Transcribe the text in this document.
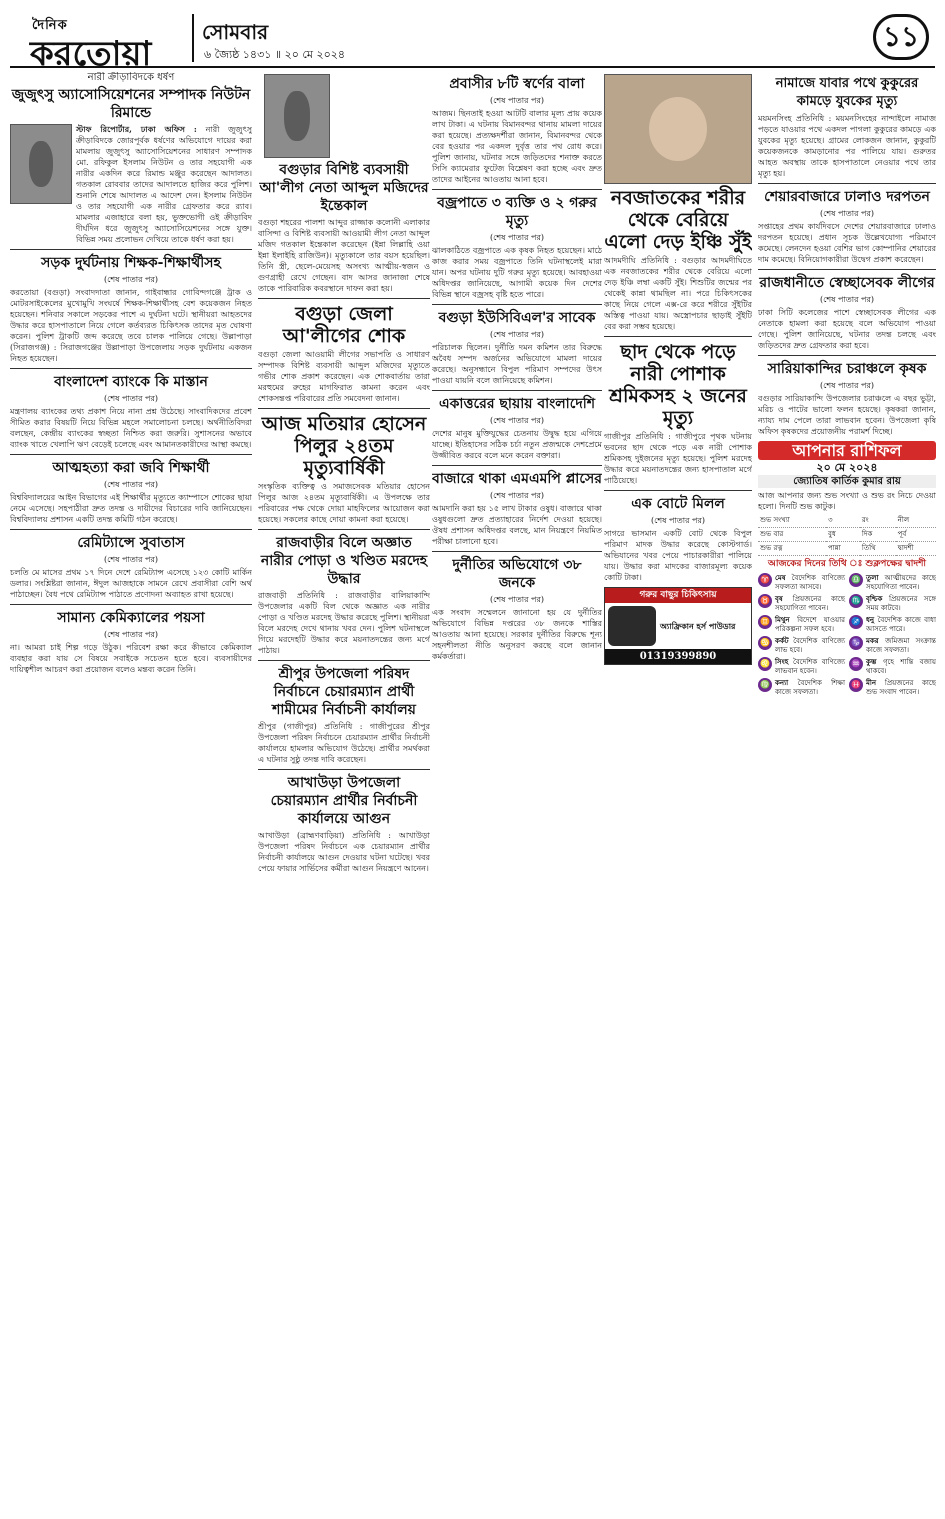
দৈনিক
করতোয়া
সোমবার
৬ জ্যৈষ্ঠ ১৪৩১ ॥ ২০ মে ২০২৪
১১
নারী ক্রীড়াবিদকে ধর্ষণ
জুজুৎসু অ্যাসোসিয়েশনের সম্পাদক নিউটন রিমান্ডে
স্টাফ রিপোর্টার, ঢাকা অফিস : নারী জুজুৎসু ক্রীড়াবিদকে জোরপূর্বক ধর্ষণের অভিযোগে দায়ের করা মামলায় জুজুৎসু অ্যাসোসিয়েশনের সাধারণ সম্পাদক মো. রফিকুল ইসলাম নিউটন ও তার সহযোগী এক নারীর একদিন করে রিমান্ড মঞ্জুর করেছেন আদালত। গতকাল রোববার তাদের আদালতে হাজির করে পুলিশ। শুনানি শেষে আদালত এ আদেশ দেন। ইসলাম নিউটন ও তার সহযোগী এক নারীর গ্রেফতার করে র‌্যাব। মামলার এজাহারে বলা হয়, ভুক্তভোগী ওই ক্রীড়াবিদ দীর্ঘদিন ধরে জুজুৎসু অ্যাসোসিয়েশনের সঙ্গে যুক্ত। বিভিন্ন সময় প্রলোভন দেখিয়ে তাকে ধর্ষণ করা হয়।
সড়ক দুর্ঘটনায় শিক্ষক-শিক্ষার্থীসহ
(শেষ পাতার পর)
করতোয়া (বগুড়া) সংবাদদাতা জানান, গাইবান্ধার গোবিন্দগঞ্জে ট্রাক ও মোটরসাইকেলের মুখোমুখি সংঘর্ষে শিক্ষক-শিক্ষার্থীসহ বেশ কয়েকজন নিহত হয়েছেন। শনিবার সকালে সড়কের পাশে এ দুর্ঘটনা ঘটে। স্থানীয়রা আহতদের উদ্ধার করে হাসপাতালে নিয়ে গেলে কর্তব্যরত চিকিৎসক তাদের মৃত ঘোষণা করেন। পুলিশ ট্রাকটি জব্দ করেছে তবে চালক পালিয়ে গেছে। উল্লাপাড়া (সিরাজগঞ্জ) : সিরাজগঞ্জের উল্লাপাড়া উপজেলায় সড়ক দুর্ঘটনায় একজন নিহত হয়েছেন।
বাংলাদেশ ব্যাংকে কি মাস্তান
(শেষ পাতার পর)
মন্ত্রণালয় ব্যাংকের তথ্য প্রকাশ নিয়ে নানা প্রশ্ন উঠেছে। সাংবাদিকদের প্রবেশ সীমিত করার বিষয়টি নিয়ে বিভিন্ন মহলে সমালোচনা চলছে। অর্থনীতিবিদরা বলছেন, কেন্দ্রীয় ব্যাংকের স্বচ্ছতা নিশ্চিত করা জরুরি। সুশাসনের অভাবে ব্যাংক খাতে খেলাপি ঋণ বেড়েই চলেছে এবং আমানতকারীদের আস্থা কমছে।
আত্মহত্যা করা জবি শিক্ষার্থী
(শেষ পাতার পর)
বিশ্ববিদ্যালয়ের আইন বিভাগের এই শিক্ষার্থীর মৃত্যুতে ক্যাম্পাসে শোকের ছায়া নেমে এসেছে। সহপাঠীরা দ্রুত তদন্ত ও দায়ীদের বিচারের দাবি জানিয়েছেন। বিশ্ববিদ্যালয় প্রশাসন একটি তদন্ত কমিটি গঠন করেছে।
রেমিট্যান্সে সুবাতাস
(শেষ পাতার পর)
চলতি মে মাসের প্রথম ১৭ দিনে দেশে রেমিট্যান্স এসেছে ১২৩ কোটি মার্কিন ডলার। সংশ্লিষ্টরা জানান, ঈদুল আজহাকে সামনে রেখে প্রবাসীরা বেশি অর্থ পাঠাচ্ছেন। বৈধ পথে রেমিট্যান্স পাঠাতে প্রণোদনা অব্যাহত রাখা হয়েছে।
সামান্য কেমিক্যালের পয়সা
(শেষ পাতার পর)
না। আমরা চাই শিল্প গড়ে উঠুক। পরিবেশ রক্ষা করে কীভাবে কেমিক্যাল ব্যবহার করা যায় সে বিষয়ে সবাইকে সচেতন হতে হবে। ব্যবসায়ীদের দায়িত্বশীল আচরণ করা প্রয়োজন বলেও মন্তব্য করেন তিনি।
বগুড়ার বিশিষ্ট ব্যবসায়ী আ'লীগ নেতা আব্দুল মজিদের ইন্তেকাল
বগুড়া শহরের পালশা আব্দুর রাজ্জাক কলোনী এলাকার বাসিন্দা ও বিশিষ্ট ব্যবসায়ী আওয়ামী লীগ নেতা আব্দুল মজিদ গতকাল ইন্তেকাল করেছেন (ইন্না লিল্লাহি ওয়া ইন্না ইলাইহি রাজিউন)। মৃত্যুকালে তার বয়স হয়েছিল। তিনি স্ত্রী, ছেলে-মেয়েসহ অসংখ্য আত্মীয়-স্বজন ও গুণগ্রাহী রেখে গেছেন। বাদ আসর জানাজা শেষে তাকে পারিবারিক কবরস্থানে দাফন করা হয়।
বগুড়া জেলা আ'লীগের শোক
বগুড়া জেলা আওয়ামী লীগের সভাপতি ও সাধারণ সম্পাদক বিশিষ্ট ব্যবসায়ী আব্দুল মজিদের মৃত্যুতে গভীর শোক প্রকাশ করেছেন। এক শোকবার্তায় তারা মরহুমের রুহের মাগফিরাত কামনা করেন এবং শোকসন্তপ্ত পরিবারের প্রতি সমবেদনা জানান।
আজ মতিয়ার হোসেন পিলুর ২৪তম মৃত্যুবার্ষিকী
সংস্কৃতিক ব্যক্তিত্ব ও সমাজসেবক মতিয়ার হোসেন পিলুর আজ ২৪তম মৃত্যুবার্ষিকী। এ উপলক্ষে তার পরিবারের পক্ষ থেকে দোয়া মাহফিলের আয়োজন করা হয়েছে। সকলের কাছে দোয়া কামনা করা হয়েছে।
রাজবাড়ীর বিলে অজ্ঞাত নারীর পোড়া ও খণ্ডিত মরদেহ উদ্ধার
রাজবাড়ী প্রতিনিধি : রাজবাড়ীর বালিয়াকান্দি উপজেলার একটি বিল থেকে অজ্ঞাত এক নারীর পোড়া ও খণ্ডিত মরদেহ উদ্ধার করেছে পুলিশ। স্থানীয়রা বিলে মরদেহ দেখে থানায় খবর দেন। পুলিশ ঘটনাস্থলে গিয়ে মরদেহটি উদ্ধার করে ময়নাতদন্তের জন্য মর্গে পাঠায়।
শ্রীপুর উপজেলা পরিষদ নির্বাচনে চেয়ারম্যান প্রার্থী শামীমের নির্বাচনী কার্যালয়
শ্রীপুর (গাজীপুর) প্রতিনিধি : গাজীপুরের শ্রীপুর উপজেলা পরিষদ নির্বাচনে চেয়ারম্যান প্রার্থীর নির্বাচনী কার্যালয়ে হামলার অভিযোগ উঠেছে। প্রার্থীর সমর্থকরা এ ঘটনার সুষ্ঠু তদন্ত দাবি করেছেন।
আখাউড়া উপজেলা চেয়ারম্যান প্রার্থীর নির্বাচনী কার্যালয়ে আগুন
আখাউড়া (ব্রাহ্মণবাড়িয়া) প্রতিনিধি : আখাউড়া উপজেলা পরিষদ নির্বাচনে এক চেয়ারম্যান প্রার্থীর নির্বাচনী কার্যালয়ে আগুন দেওয়ার ঘটনা ঘটেছে। খবর পেয়ে ফায়ার সার্ভিসের কর্মীরা আগুন নিয়ন্ত্রণে আনেন।
প্রবাসীর ৮টি স্বর্ণের বালা
(শেষ পাতার পর)
আজম। ছিনতাই হওয়া আটটি বালার মূল্য প্রায় কয়েক লাখ টাকা। এ ঘটনায় বিমানবন্দর থানায় মামলা দায়ের করা হয়েছে। প্রত্যক্ষদর্শীরা জানান, বিমানবন্দর থেকে বের হওয়ার পর একদল দুর্বৃত্ত তার পথ রোধ করে। পুলিশ জানায়, ঘটনার সঙ্গে জড়িতদের শনাক্ত করতে সিসি ক্যামেরার ফুটেজ বিশ্লেষণ করা হচ্ছে এবং দ্রুত তাদের আইনের আওতায় আনা হবে।
বজ্রপাতে ৩ ব্যক্তি ও ২ গরুর মৃত্যু
(শেষ পাতার পর)
ঝালকাঠিতে বজ্রপাতে এক কৃষক নিহত হয়েছেন। মাঠে কাজ করার সময় বজ্রপাতে তিনি ঘটনাস্থলেই মারা যান। অপর ঘটনায় দুটি গরুর মৃত্যু হয়েছে। আবহাওয়া অধিদপ্তর জানিয়েছে, আগামী কয়েক দিন দেশের বিভিন্ন স্থানে বজ্রসহ বৃষ্টি হতে পারে।
বগুড়া ইউসিবিএল'র সাবেক
(শেষ পাতার পর)
পরিচালক ছিলেন। দুর্নীতি দমন কমিশন তার বিরুদ্ধে অবৈধ সম্পদ অর্জনের অভিযোগে মামলা দায়ের করেছে। অনুসন্ধানে বিপুল পরিমাণ সম্পদের উৎস পাওয়া যায়নি বলে জানিয়েছে কমিশন।
একাত্তরের ছায়ায় বাংলাদেশি
(শেষ পাতার পর)
দেশের মানুষ মুক্তিযুদ্ধের চেতনায় উদ্বুদ্ধ হয়ে এগিয়ে যাচ্ছে। ইতিহাসের সঠিক চর্চা নতুন প্রজন্মকে দেশপ্রেমে উজ্জীবিত করবে বলে মনে করেন বক্তারা।
বাজারে থাকা এমএমপি প্লাসের
(শেষ পাতার পর)
আমদানি করা হয় ১৫ লাখ টাকার ওষুধ। বাজারে থাকা ওষুধগুলো দ্রুত প্রত্যাহারের নির্দেশ দেওয়া হয়েছে। ঔষধ প্রশাসন অধিদপ্তর বলছে, মান নিয়ন্ত্রণে নিয়মিত পরীক্ষা চালানো হবে।
দুর্নীতির অভিযোগে ৩৮ জনকে
(শেষ পাতার পর)
এক সংবাদ সম্মেলনে জানানো হয় যে দুর্নীতির অভিযোগে বিভিন্ন দপ্তরের ৩৮ জনকে শাস্তির আওতায় আনা হয়েছে। সরকার দুর্নীতির বিরুদ্ধে শূন্য সহনশীলতা নীতি অনুসরণ করছে বলে জানান কর্মকর্তারা।
নবজাতকের শরীর থেকে বেরিয়ে এলো দেড় ইঞ্চি সুঁই
আদমদীঘি প্রতিনিধি : বগুড়ার আদমদীঘিতে এক নবজাতকের শরীর থেকে বেরিয়ে এলো দেড় ইঞ্চি লম্বা একটি সুঁই। শিশুটির জন্মের পর থেকেই কান্না থামছিল না। পরে চিকিৎসকের কাছে নিয়ে গেলে এক্স-রে করে শরীরে সুঁইটির অস্তিত্ব পাওয়া যায়। অস্ত্রোপচার ছাড়াই সুঁইটি বের করা সম্ভব হয়েছে।
ছাদ থেকে পড়ে নারী পোশাক শ্রমিকসহ ২ জনের মৃত্যু
গাজীপুর প্রতিনিধি : গাজীপুরে পৃথক ঘটনায় ভবনের ছাদ থেকে পড়ে এক নারী পোশাক শ্রমিকসহ দুইজনের মৃত্যু হয়েছে। পুলিশ মরদেহ উদ্ধার করে ময়নাতদন্তের জন্য হাসপাতাল মর্গে পাঠিয়েছে।
এক বোটে মিলল
(শেষ পাতার পর)
সাগরে ভাসমান একটি বোট থেকে বিপুল পরিমাণ মাদক উদ্ধার করেছে কোস্টগার্ড। অভিযানের খবর পেয়ে পাচারকারীরা পালিয়ে যায়। উদ্ধার করা মাদকের বাজারমূল্য কয়েক কোটি টাকা।
গরুর বাছুর চিকিৎসায়
অ্যাফ্রিকান হর্স পাউডার
01319399890
নামাজে যাবার পথে কুকুরের কামড়ে যুবকের মৃত্যু
ময়মনসিংহ প্রতিনিধি : ময়মনসিংহের নান্দাইলে নামাজ পড়তে যাওয়ার পথে একদল পাগলা কুকুরের কামড়ে এক যুবকের মৃত্যু হয়েছে। গ্রামের লোকজন জানান, কুকুরটি কয়েকজনকে কামড়ানোর পর পালিয়ে যায়। গুরুতর আহত অবস্থায় তাকে হাসপাতালে নেওয়ার পথে তার মৃত্যু হয়।
শেয়ারবাজারে ঢালাও দরপতন
(শেষ পাতার পর)
সপ্তাহের প্রথম কার্যদিবসে দেশের শেয়ারবাজারে ঢালাও দরপতন হয়েছে। প্রধান সূচক উল্লেখযোগ্য পরিমাণে কমেছে। লেনদেন হওয়া বেশির ভাগ কোম্পানির শেয়ারের দাম কমেছে। বিনিয়োগকারীরা উদ্বেগ প্রকাশ করেছেন।
রাজধানীতে স্বেচ্ছাসেবক লীগের
(শেষ পাতার পর)
ঢাকা সিটি কলেজের পাশে স্বেচ্ছাসেবক লীগের এক নেতাকে হামলা করা হয়েছে বলে অভিযোগ পাওয়া গেছে। পুলিশ জানিয়েছে, ঘটনার তদন্ত চলছে এবং জড়িতদের দ্রুত গ্রেফতার করা হবে।
সারিয়াকান্দির চরাঞ্চলে কৃষক
(শেষ পাতার পর)
বগুড়ার সারিয়াকান্দি উপজেলার চরাঞ্চলে এ বছর ভুট্টা, মরিচ ও পাটের ভালো ফলন হয়েছে। কৃষকরা জানান, ন্যায্য দাম পেলে তারা লাভবান হবেন। উপজেলা কৃষি অফিস কৃষকদের প্রয়োজনীয় পরামর্শ দিচ্ছে।
আপনার রাশিফল
২০ মে ২০২৪
জ্যোতিষ কার্তিক কুমার রায়
আজ আপনার জন্য শুভ সংখ্যা ও শুভ রং নিচে দেওয়া হলো। দিনটি শুভ কাটুক।
শুভ সংখ্যা	৩	রং	নীল
শুভ বার	বুধ	দিক	পূর্ব
শুভ রত্ন	পান্না	তিথি	দ্বাদশী
আজকের দিনের তিথি ঃ শুক্লপক্ষের দ্বাদশী
♈ মেষ বৈদেশিক বাণিজ্যে সফলতা আসবে।
♎ তুলা আত্মীয়দের কাছে সহযোগিতা পাবেন।
♉ বৃষ প্রিয়জনের কাছে সহযোগিতা পাবেন।
♏ বৃশ্চিক প্রিয়জনের সঙ্গে সময় কাটবে।
♊ মিথুন বিদেশে যাওয়ার পরিকল্পনা সফল হবে।
♐ ধনু বৈদেশিক কাজে বাধা আসতে পারে।
♋ কর্কট বৈদেশিক বাণিজ্যে লাভ হবে।
♑ মকর জমিজমা সংক্রান্ত কাজে সফলতা।
♌ সিংহ বৈদেশিক বাণিজ্যে লাভবান হবেন।
♒ কুম্ভ গৃহে শান্তি বজায় থাকবে।
♍ কন্যা বৈদেশিক শিক্ষা কাজে সফলতা।
♓ মীন প্রিয়জনের কাছে শুভ সংবাদ পাবেন।
